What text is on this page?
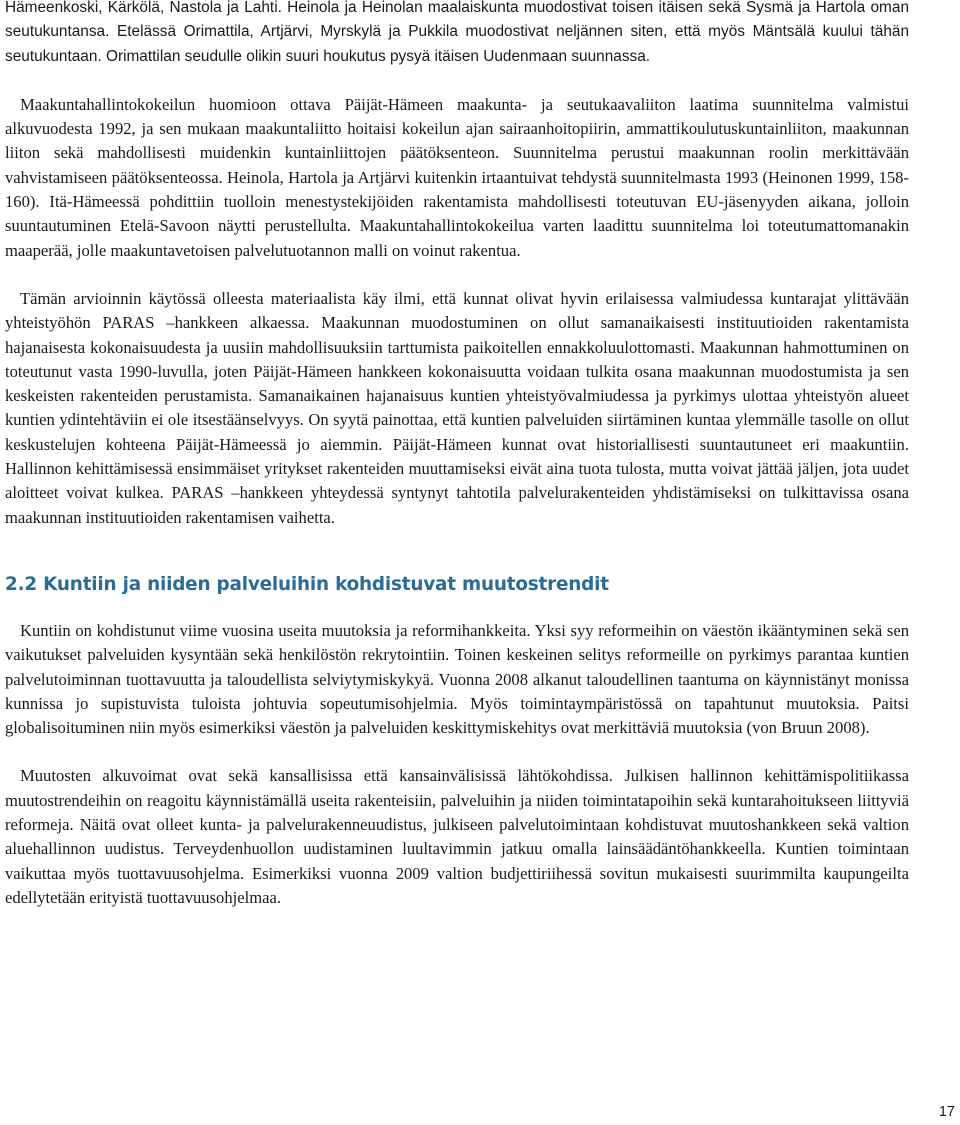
Hämeenkoski, Kärkölä, Nastola ja Lahti. Heinola ja Heinolan maalaiskunta muodostivat toisen itäisen sekä Sysmä ja Hartola oman seutukuntansa. Etelässä Orimattila, Artjärvi, Myrskylä ja Pukkila muodostivat neljännen siten, että myös Mäntsälä kuului tähän seutukuntaan. Orimattilan seudulle olikin suuri houkutus pysyä itäisen Uudenmaan suunnassa.

Maakuntahallintokokeilun huomioon ottava Päijät-Hämeen maakunta- ja seutukaavaliiton laatima suunnitelma valmistui alkuvuodesta 1992, ja sen mukaan maakuntaliitto hoitaisi kokeilun ajan sairaanhoitopiirin, ammattikoulutuskuntainliiton, maakunnan liiton sekä mahdollisesti muidenkin kuntainliittojen päätöksenteon. Suunnitelma perustui maakunnan roolin merkittävään vahvistamiseen päätöksenteossa. Heinola, Hartola ja Artjärvi kuitenkin irtaantuivat tehdystä suunnitelmasta 1993 (Heinonen 1999, 158-160). Itä-Hämeessä pohdittiin tuolloin menestystekijöiden rakentamista mahdollisesti toteutuvan EU-jäsenyyden aikana, jolloin suuntautuminen Etelä-Savoon näytti perustellulta. Maakuntahallintokokeilua varten laadittu suunnitelma loi toteutumattomanakin maaperää, jolle maakuntavetoisen palvelutuotannon malli on voinut rakentua.

Tämän arvioinnin käytössä olleesta materiaalista käy ilmi, että kunnat olivat hyvin erilaisessa valmiudessa kuntarajat ylittävään yhteistyöhön PARAS –hankkeen alkaessa. Maakunnan muodostuminen on ollut samanaikaisesti instituutioiden rakentamista hajanaisesta kokonaisuudesta ja uusiin mahdollisuuksiin tarttumista paikoitellen ennakkoluulottomasti. Maakunnan hahmottuminen on toteutunut vasta 1990-luvulla, joten Päijät-Hämeen hankkeen kokonaisuutta voidaan tulkita osana maakunnan muodostumista ja sen keskeisten rakenteiden perustamista. Samanaikainen hajanaisuus kuntien yhteistyövalmiudessa ja pyrkimys ulottaa yhteistyön alueet kuntien ydintehtäviin ei ole itsestäänselvyys. On syytä painottaa, että kuntien palveluiden siirtäminen kuntaa ylemmälle tasolle on ollut keskustelujen kohteena Päijät-Hämeessä jo aiemmin. Päijät-Hämeen kunnat ovat historiallisesti suuntautuneet eri maakuntiin. Hallinnon kehittämisessä ensimmäiset yritykset rakenteiden muuttamiseksi eivät aina tuota tulosta, mutta voivat jättää jäljen, jota uudet aloitteet voivat kulkea. PARAS –hankkeen yhteydessä syntynyt tahtotila palvelurakenteiden yhdistämiseksi on tulkittavissa osana maakunnan instituutioiden rakentamisen vaihetta.

2.2 Kuntiin ja niiden palveluihin kohdistuvat muutostrendit

Kuntiin on kohdistunut viime vuosina useita muutoksia ja reformihankkeita. Yksi syy reformeihin on väestön ikääntyminen sekä sen vaikutukset palveluiden kysyntään sekä henkilöstön rekrytointiin. Toinen keskeinen selitys reformeille on pyrkimys parantaa kuntien palvelutoiminnan tuottavuutta ja taloudellista selviytymiskykyä. Vuonna 2008 alkanut taloudellinen taantuma on käynnistänyt monissa kunnissa jo supistuvista tuloista johtuvia sopeutumisohjelmia. Myös toimintaympäristössä on tapahtunut muutoksia. Paitsi globalisoituminen niin myös esimerkiksi väestön ja palveluiden keskittymiskehitys ovat merkittäviä muutoksia (von Bruun 2008).

Muutosten alkuvoimat ovat sekä kansallisissa että kansainvälisissä lähtökohdissa. Julkisen hallinnon kehittämispolitiikassa muutostrendeihin on reagoitu käynnistämällä useita rakenteisiin, palveluihin ja niiden toimintatapoihin sekä kuntarahoitukseen liittyviä reformeja. Näitä ovat olleet kunta- ja palvelurakenneuudistus, julkiseen palvelutoimintaan kohdistuvat muutoshankkeen sekä valtion aluehallinnon uudistus. Terveydenhuollon uudistaminen luultavimmin jatkuu omalla lainsäädäntöhankkeella. Kuntien toimintaan vaikuttaa myös tuottavuusohjelma. Esimerkiksi vuonna 2009 valtion budjettiriihessä sovitun mukaisesti suurimmilta kaupungeilta edellytetään erityistä tuottavuusohjelmaa.

17
